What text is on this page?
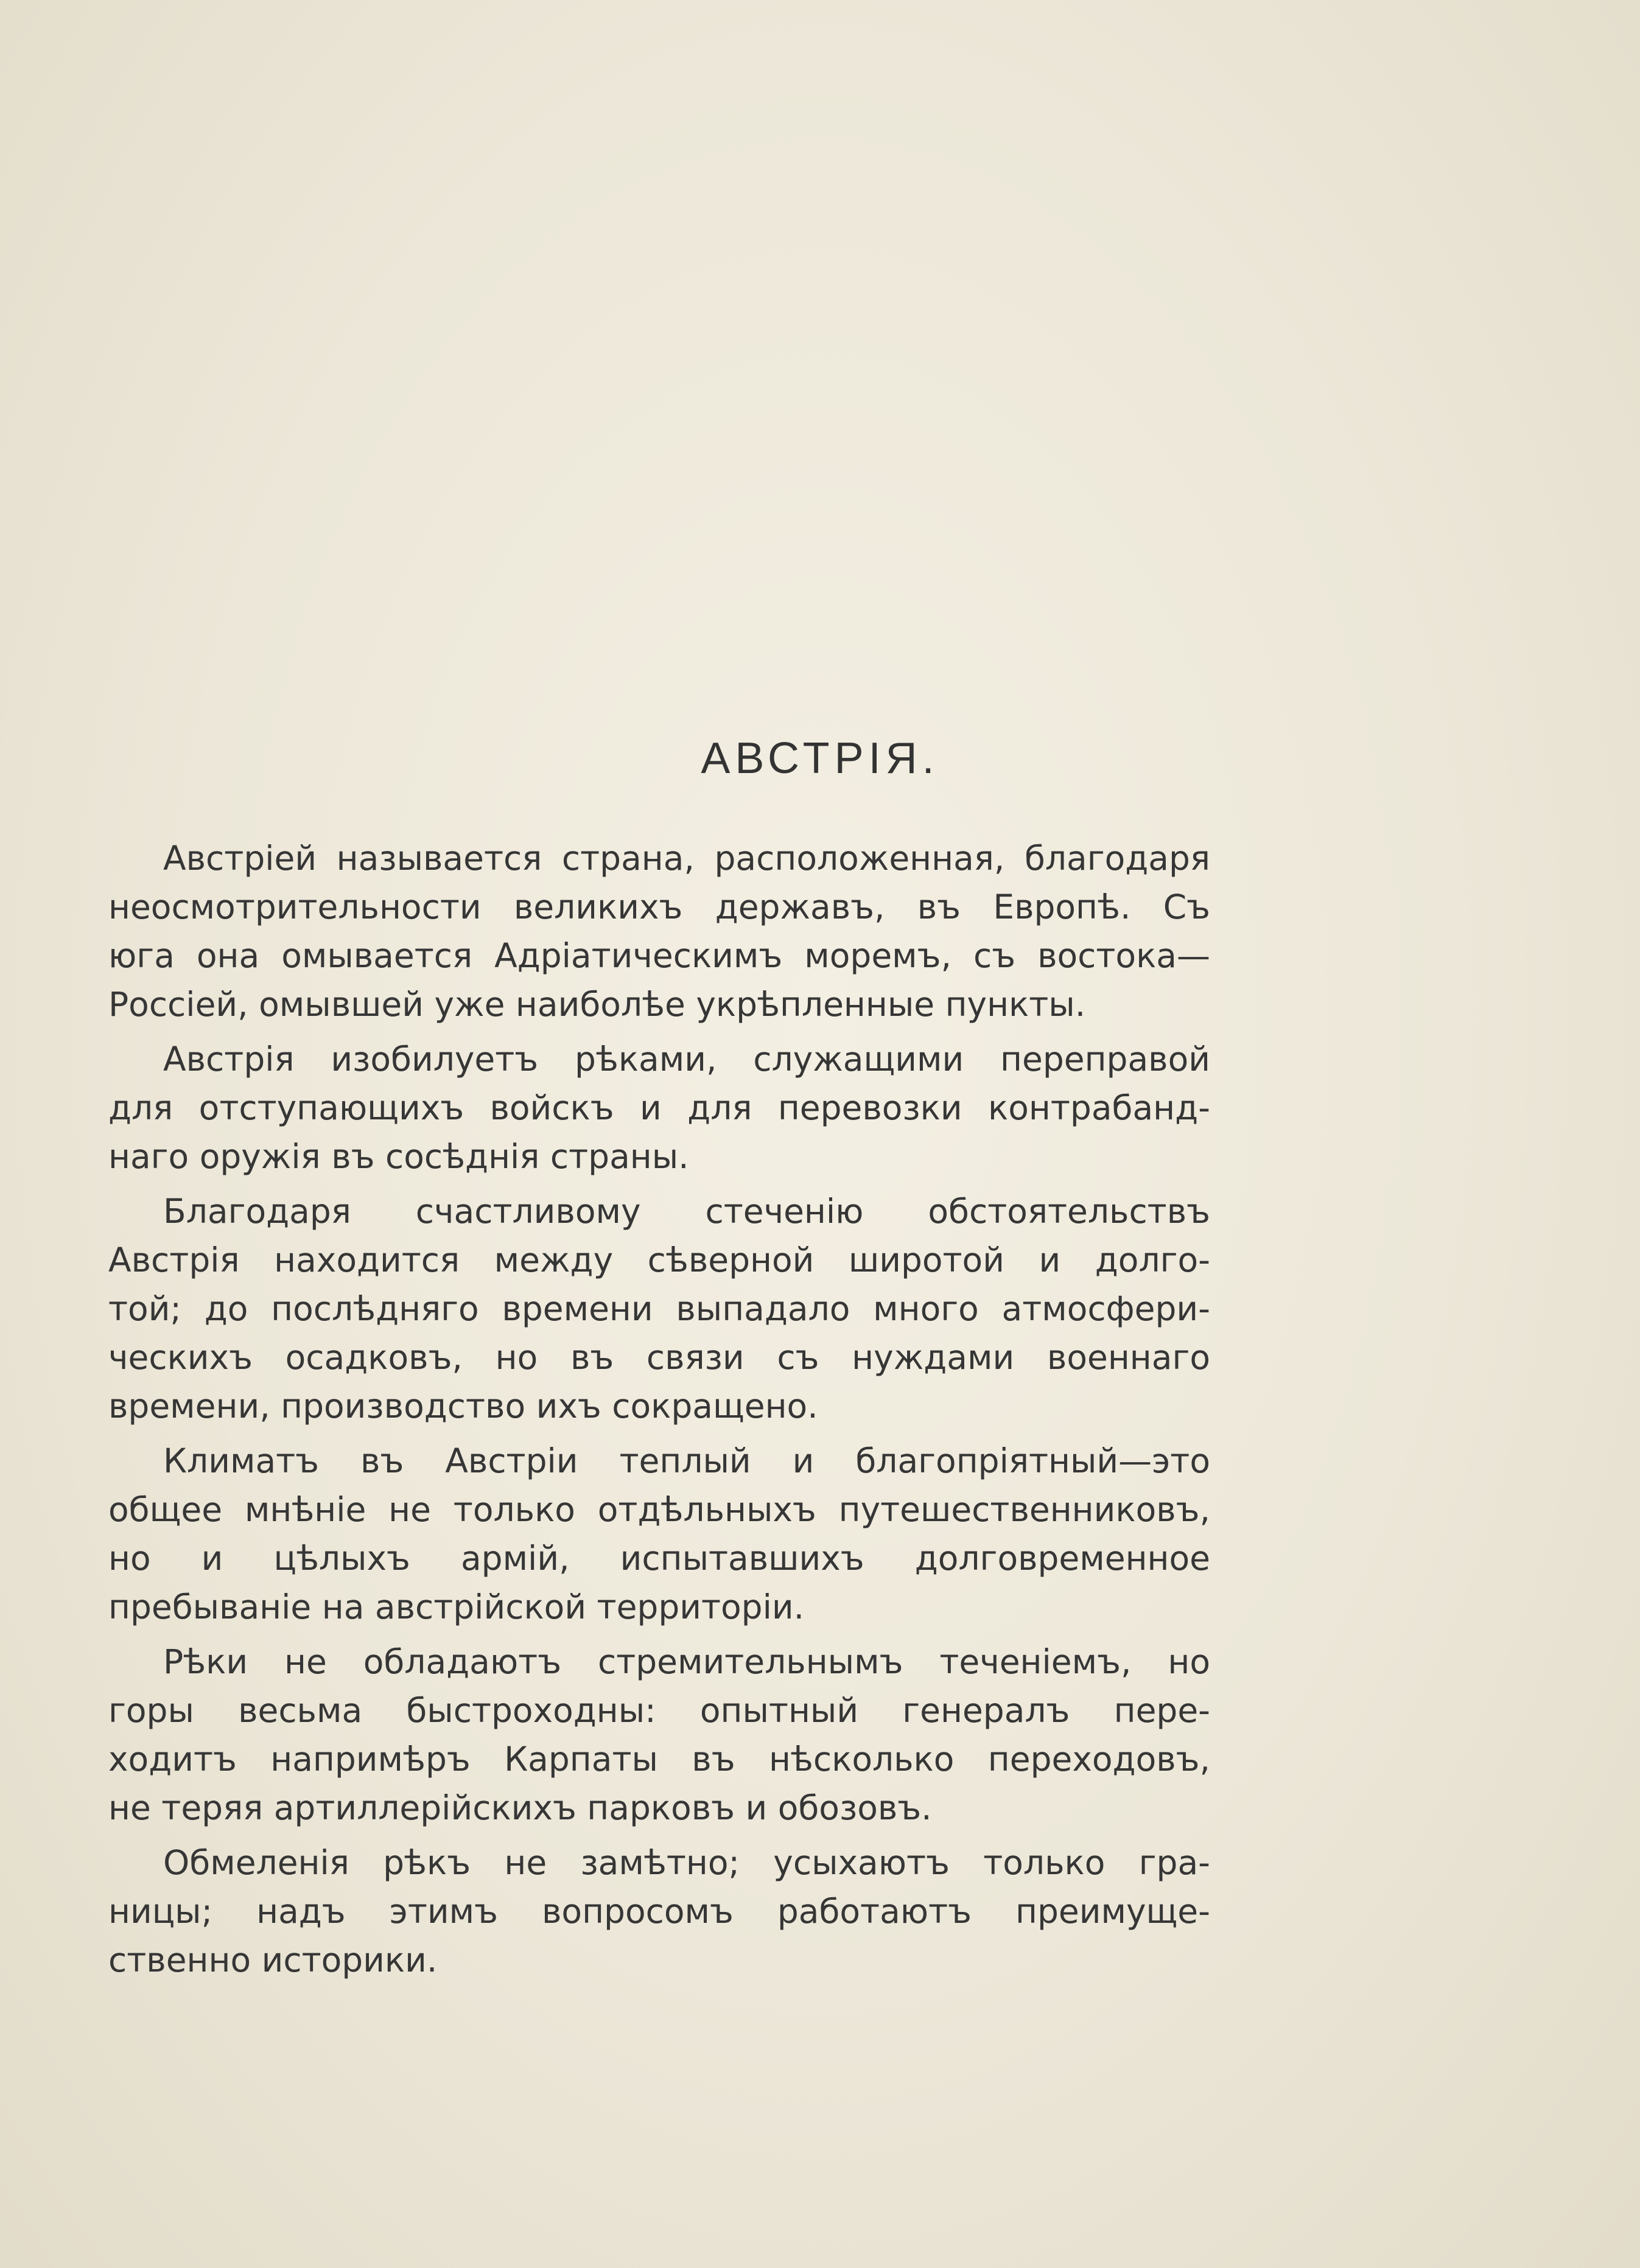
АВСТРІЯ.
Австріей называется страна, расположенная, благодаря
неосмотрительности великихъ державъ, въ Европѣ. Съ
юга она омывается Адріатическимъ моремъ, съ востока—
Россіей, омывшей уже наиболѣе укрѣпленные пункты.
Австрія изобилуетъ рѣками, служащими переправой
для отступающихъ войскъ и для перевозки контрабанд-
наго оружія въ сосѣднія страны.
Благодаря счастливому стеченію обстоятельствъ
Австрія находится между сѣверной широтой и долго-
той; до послѣдняго времени выпадало много атмосфери-
ческихъ осадковъ, но въ связи съ нуждами военнаго
времени, производство ихъ сокращено.
Климатъ въ Австріи теплый и благопріятный—это
общее мнѣніе не только отдѣльныхъ путешественниковъ,
но и цѣлыхъ армій, испытавшихъ долговременное
пребываніе на австрійской территоріи.
Рѣки не обладаютъ стремительнымъ теченіемъ, но
горы весьма быстроходны: опытный генералъ пере-
ходитъ напримѣръ Карпаты въ нѣсколько переходовъ,
не теряя артиллерійскихъ парковъ и обозовъ.
Обмеленія рѣкъ не замѣтно; усыхаютъ только гра-
ницы; надъ этимъ вопросомъ работаютъ преимуще-
ственно историки.
